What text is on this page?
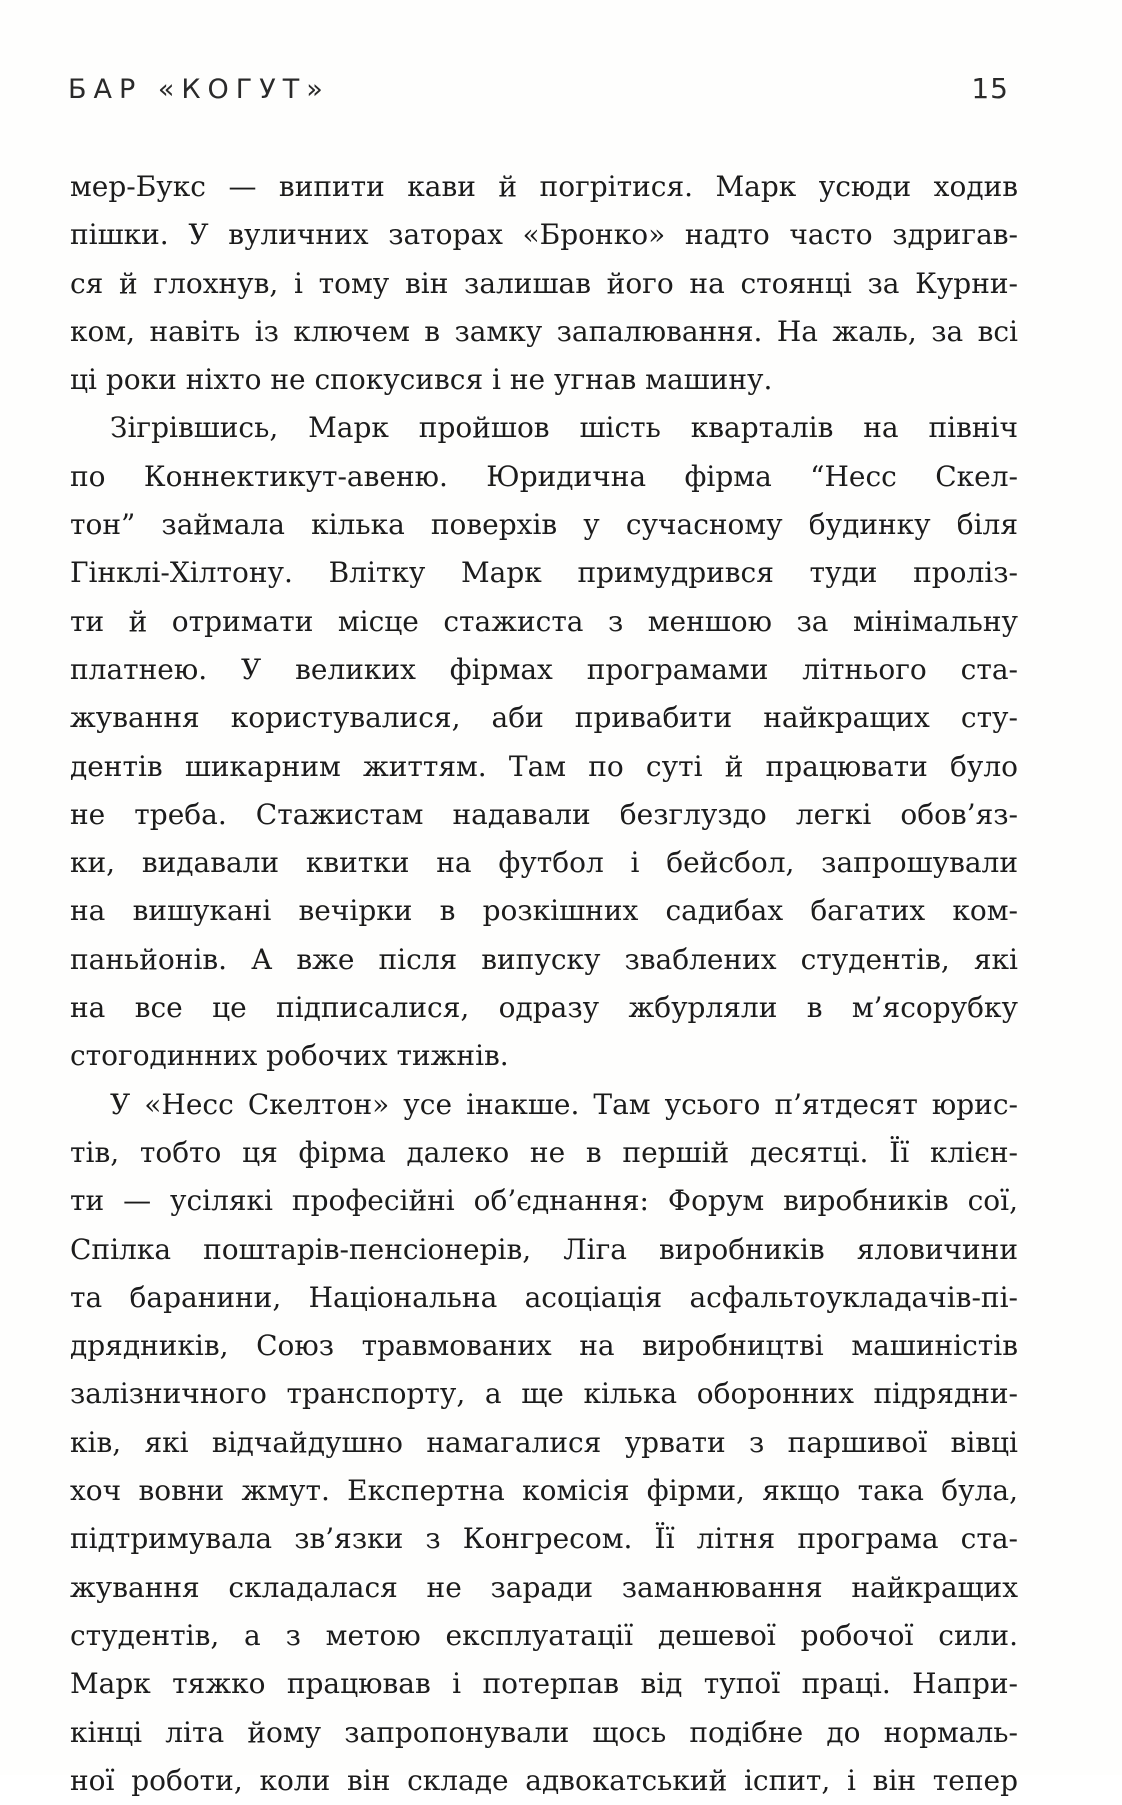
БАР «КОГУТ»	15
мер-Букс — випити кави й погрітися. Марк усюди ходив
пішки. У вуличних заторах «Бронко» надто часто здригав-
ся й глохнув, і тому він залишав його на стоянці за Курни-
ком, навіть із ключем в замку запалювання. На жаль, за всі
ці роки ніхто не спокусився і не угнав машину.
Зігрівшись, Марк пройшов шість кварталів на північ
по Коннектикут-авеню. Юридична фірма “Несс Скел-
тон” займала кілька поверхів у сучасному будинку біля
Гінклі-Хілтону. Влітку Марк примудрився туди проліз-
ти й отримати місце стажиста з меншою за мінімальну
платнею. У великих фірмах програмами літнього ста-
жування користувалися, аби привабити найкращих сту-
дентів шикарним життям. Там по суті й працювати було
не треба. Стажистам надавали безглуздо легкі обов’яз-
ки, видавали квитки на футбол і бейсбол, запрошували
на вишукані вечірки в розкішних садибах багатих ком-
паньйонів. А вже після випуску зваблених студентів, які
на все це підписалися, одразу жбурляли в м’ясорубку
стогодинних робочих тижнів.
У «Несс Скелтон» усе інакше. Там усього п’ятдесят юрис-
тів, тобто ця фірма далеко не в першій десятці. Її клієн-
ти — усілякі професійні об’єднання: Форум виробників сої,
Спілка поштарів-пенсіонерів, Ліга виробників яловичини
та баранини, Національна асоціація асфальтоукладачів-пі-
дрядників, Союз травмованих на виробництві машиністів
залізничного транспорту, а ще кілька оборонних підрядни-
ків, які відчайдушно намагалися урвати з паршивої вівці
хоч вовни жмут. Експертна комісія фірми, якщо така була,
підтримувала зв’язки з Конгресом. Її літня програма ста-
жування складалася не заради заманювання найкращих
студентів, а з метою експлуатації дешевої робочої сили.
Марк тяжко працював і потерпав від тупої праці. Напри-
кінці літа йому запропонували щось подібне до нормаль-
ної роботи, коли він складе адвокатський іспит, і він тепер
